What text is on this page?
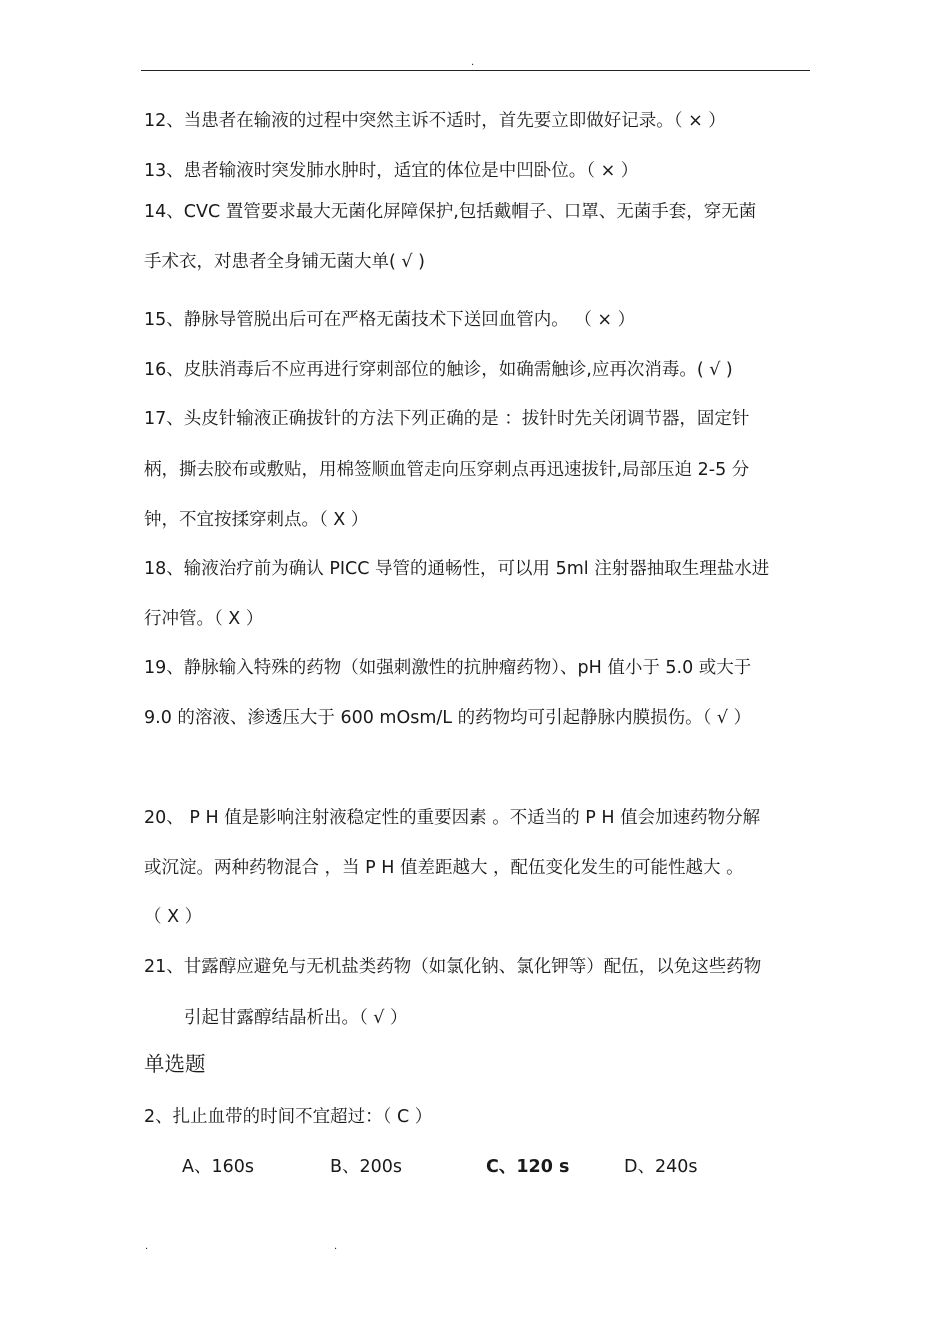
.
12、当患者在输液的过程中突然主诉不适时，首先要立即做好记录。（ × ）
13、患者输液时突发肺水肿时，适宜的体位是中凹卧位。（ × ）
14、CVC 置管要求最大无菌化屏障保护,包括戴帽子、口罩、无菌手套，穿无菌
手术衣，对患者全身铺无菌大单( √ )
15、静脉导管脱出后可在严格无菌技术下送回血管内。 （ × ）
16、皮肤消毒后不应再进行穿刺部位的触诊，如确需触诊,应再次消毒。( √ )
17、头皮针输液正确拔针的方法下列正确的是 ：拔针时先关闭调节器，固定针
柄，撕去胶布或敷贴，用棉签顺血管走向压穿刺点再迅速拔针,局部压迫 2-5 分
钟，不宜按揉穿刺点。（ X ）
18、输液治疗前为确认 PICC 导管的通畅性，可以用 5ml 注射器抽取生理盐水进
行冲管。（ X ）
19、静脉输入特殊的药物（如强刺激性的抗肿瘤药物）、pH 值小于 5.0 或大于
9.0 的溶液、渗透压大于 600 mOsm/L 的药物均可引起静脉内膜损伤。（ √ ）
20、 P H 值是影响注射液稳定性的重要因素 。不适当的 P H 值会加速药物分解
或沉淀。两种药物混合 ，当 P H 值差距越大 ，配伍变化发生的可能性越大 。
（ X ）
21、甘露醇应避免与无机盐类药物（如氯化钠、氯化钾等）配伍，以免这些药物
引起甘露醇结晶析出。（ √ ）
单选题
2、扎止血带的时间不宜超过：（ C ）
A、160s	B、200s	C、120 s	D、240s
.	.
